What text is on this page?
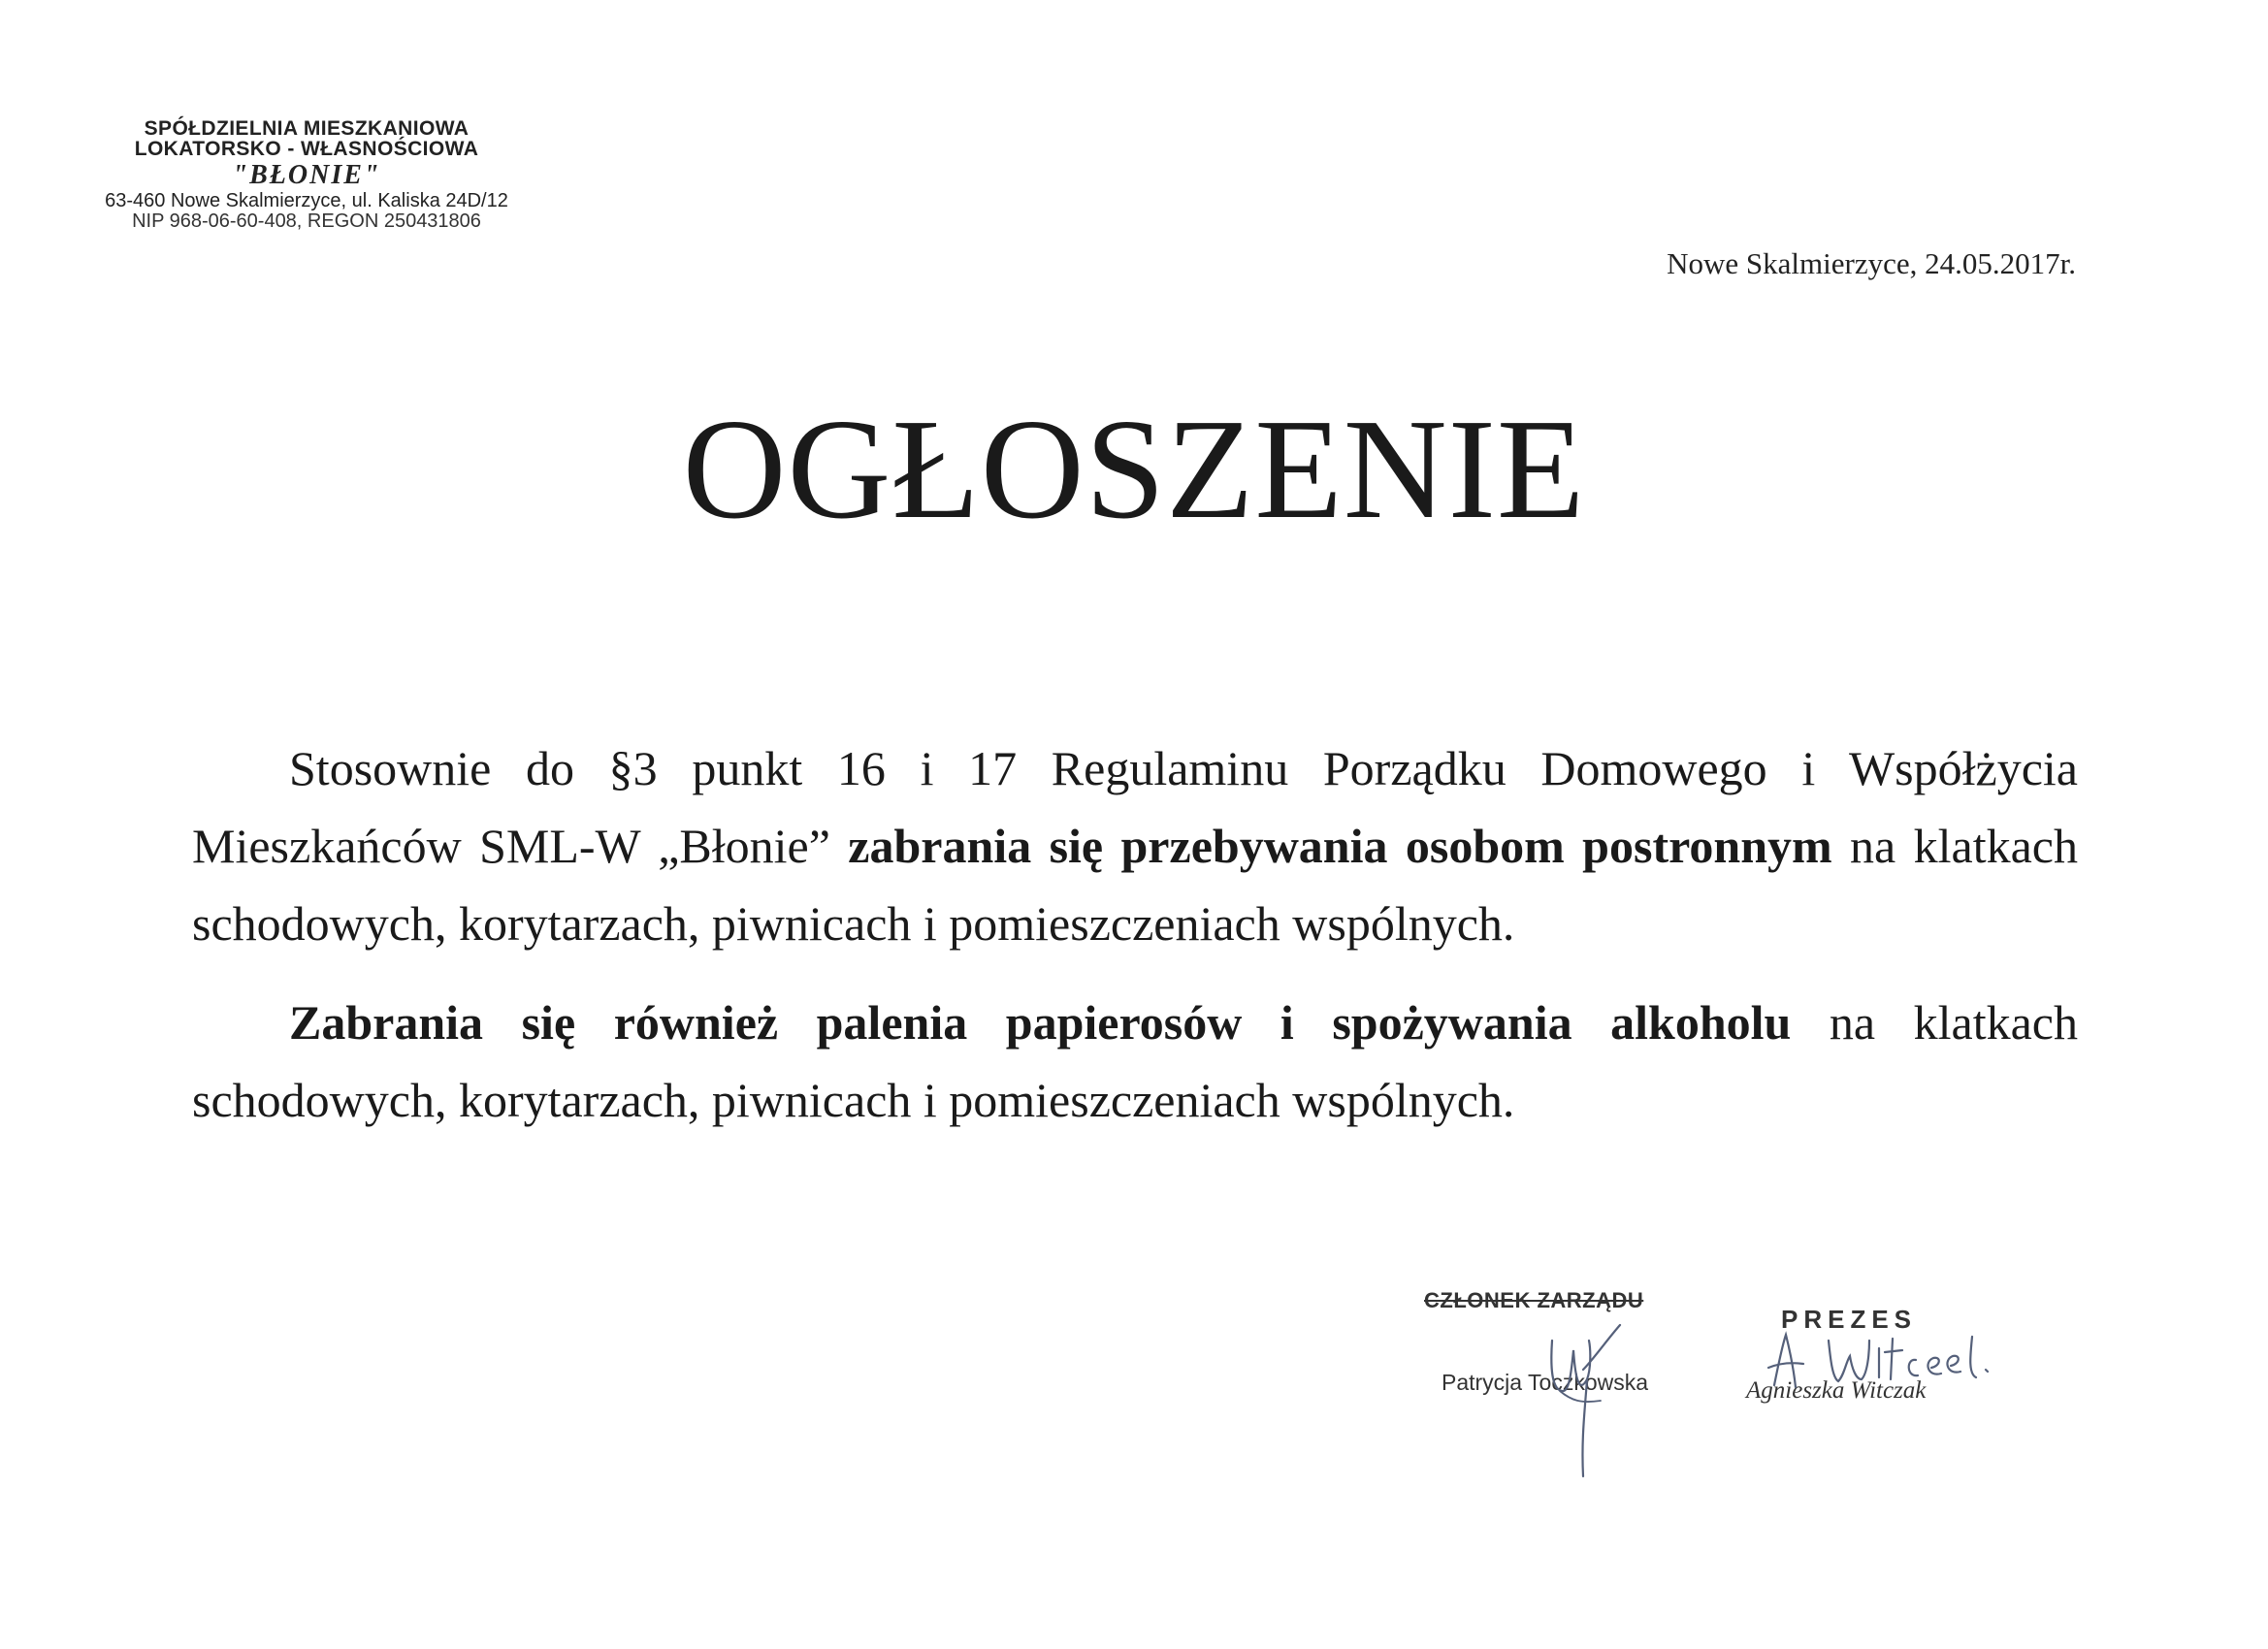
SPÓŁDZIELNIA MIESZKANIOWA
LOKATORSKO - WŁASNOŚCIOWA
"BŁONIE"
63-460 Nowe Skalmierzyce, ul. Kaliska 24D/12
NIP 968-06-60-408, REGON 250431806
Nowe Skalmierzyce, 24.05.2017r.
OGŁOSZENIE

Stosownie do §3 punkt 16 i 17 Regulaminu Porządku Domowego i Współżycia Mieszkańców SML-W „Błonie” zabrania się przebywania osobom postronnym na klatkach schodowych, korytarzach, piwnicach i pomieszczeniach wspólnych.

Zabrania się również palenia papierosów i spożywania alkoholu na klatkach schodowych, korytarzach, piwnicach i pomieszczeniach wspólnych.

CZŁONEK ZARZĄDU
Patrycja Toczkowska
PREZES
Agnieszka Witczak
